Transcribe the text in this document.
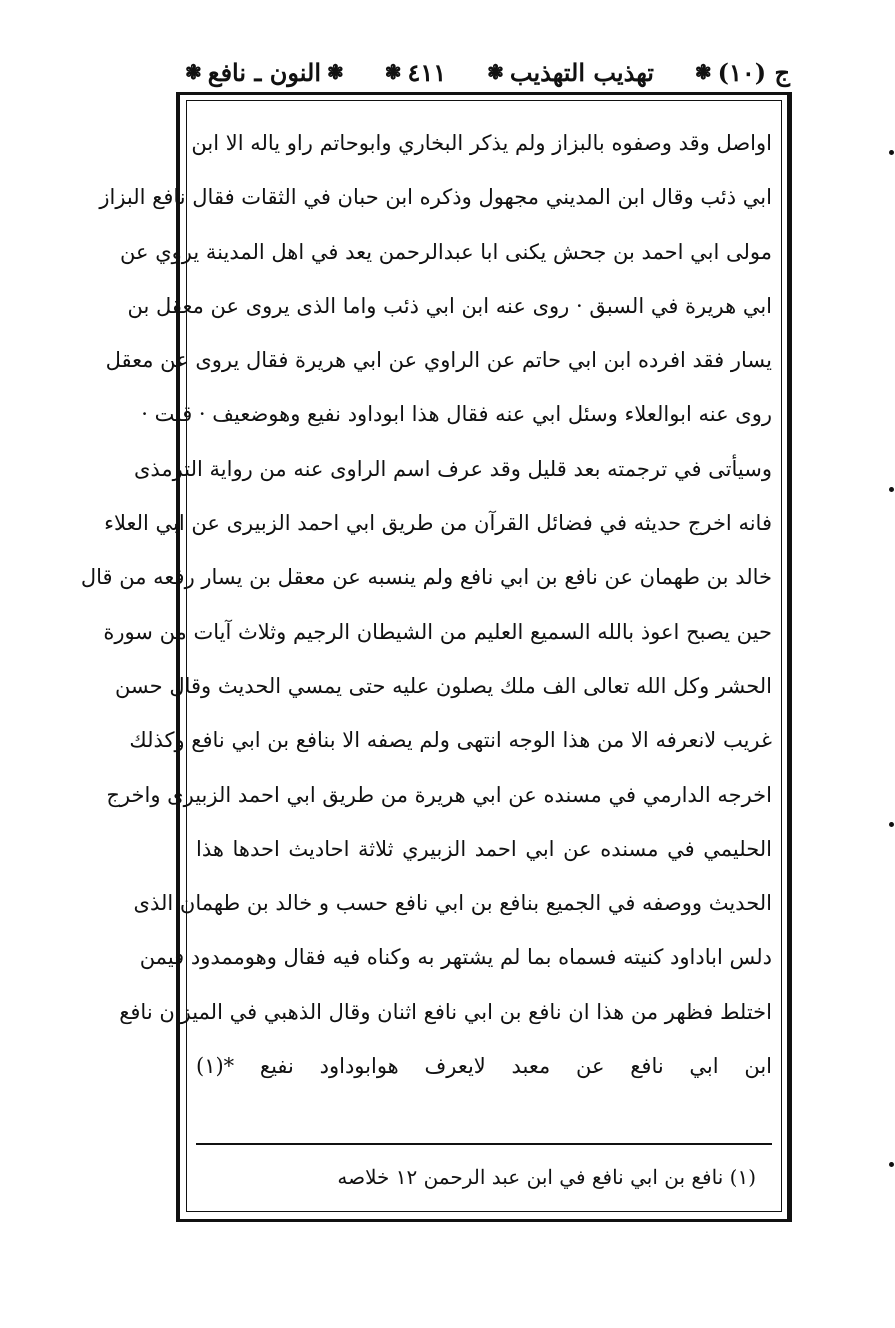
ج (١٠)
❃
تهذيب التهذيب
❃
٤١١
❃
❃
النون ـ نافع
❃
اواصل وقد وصفوه بالبزاز ولم يذكر البخاري وابوحاتم راو ياله الا ابن
ابي ذئب وقال ابن المديني مجهول وذكره ابن حبان في الثقات فقال نافع البزاز
مولى ابي احمد بن جحش يكنى ابا عبدالرحمن يعد في اهل المدينة يروي عن
ابي هريرة في السبق · روى عنه ابن ابي ذئب واما الذى يروى عن معقل بن
يسار فقد افرده ابن ابي حاتم عن الراوي عن ابي هريرة فقال يروى عن معقل
روى عنه ابوالعلاء وسئل ابي عنه فقال هذا ابوداود نفيع وهوضعيف · قلت ·
وسيأتى في ترجمته بعد قليل وقد عرف اسم الراوى عنه من رواية الترمذى
فانه اخرج حديثه في فضائل القرآن من طريق ابي احمد الزبيرى عن ابي العلاء
خالد بن طهمان عن نافع بن ابي نافع ولم ينسبه عن معقل بن يسار رفعه من قال
حين يصبح اعوذ بالله السميع العليم من الشيطان الرجيم وثلاث آيات من سورة
الحشر وكل الله تعالى الف ملك يصلون عليه حتى يمسي الحديث وقال حسن
غريب لانعرفه الا من هذا الوجه انتهى ولم يصفه الا بنافع بن ابي نافع وكذلك
اخرجه الدارمي في مسنده عن ابي هريرة من طريق ابي احمد الزبيرى واخرج
الحليمي في مسنده عن ابي احمد الزبيري ثلاثة احاديث احدها هذا
الحديث ووصفه في الجميع بنافع بن ابي نافع حسب و خالد بن طهمان الذى
دلس اباداود كنيته فسماه بما لم يشتهر به وكناه فيه فقال وهوممدود فيمن
اختلط فظهر من هذا ان نافع بن ابي نافع اثنان وقال الذهبي في الميزان نافع
ابن ابي نافع عن معبد لايعرف هوابوداود نفيع *(١)
(١) نافع بن ابي نافع في ابن عبد الرحمن ١٢ خلاصه
